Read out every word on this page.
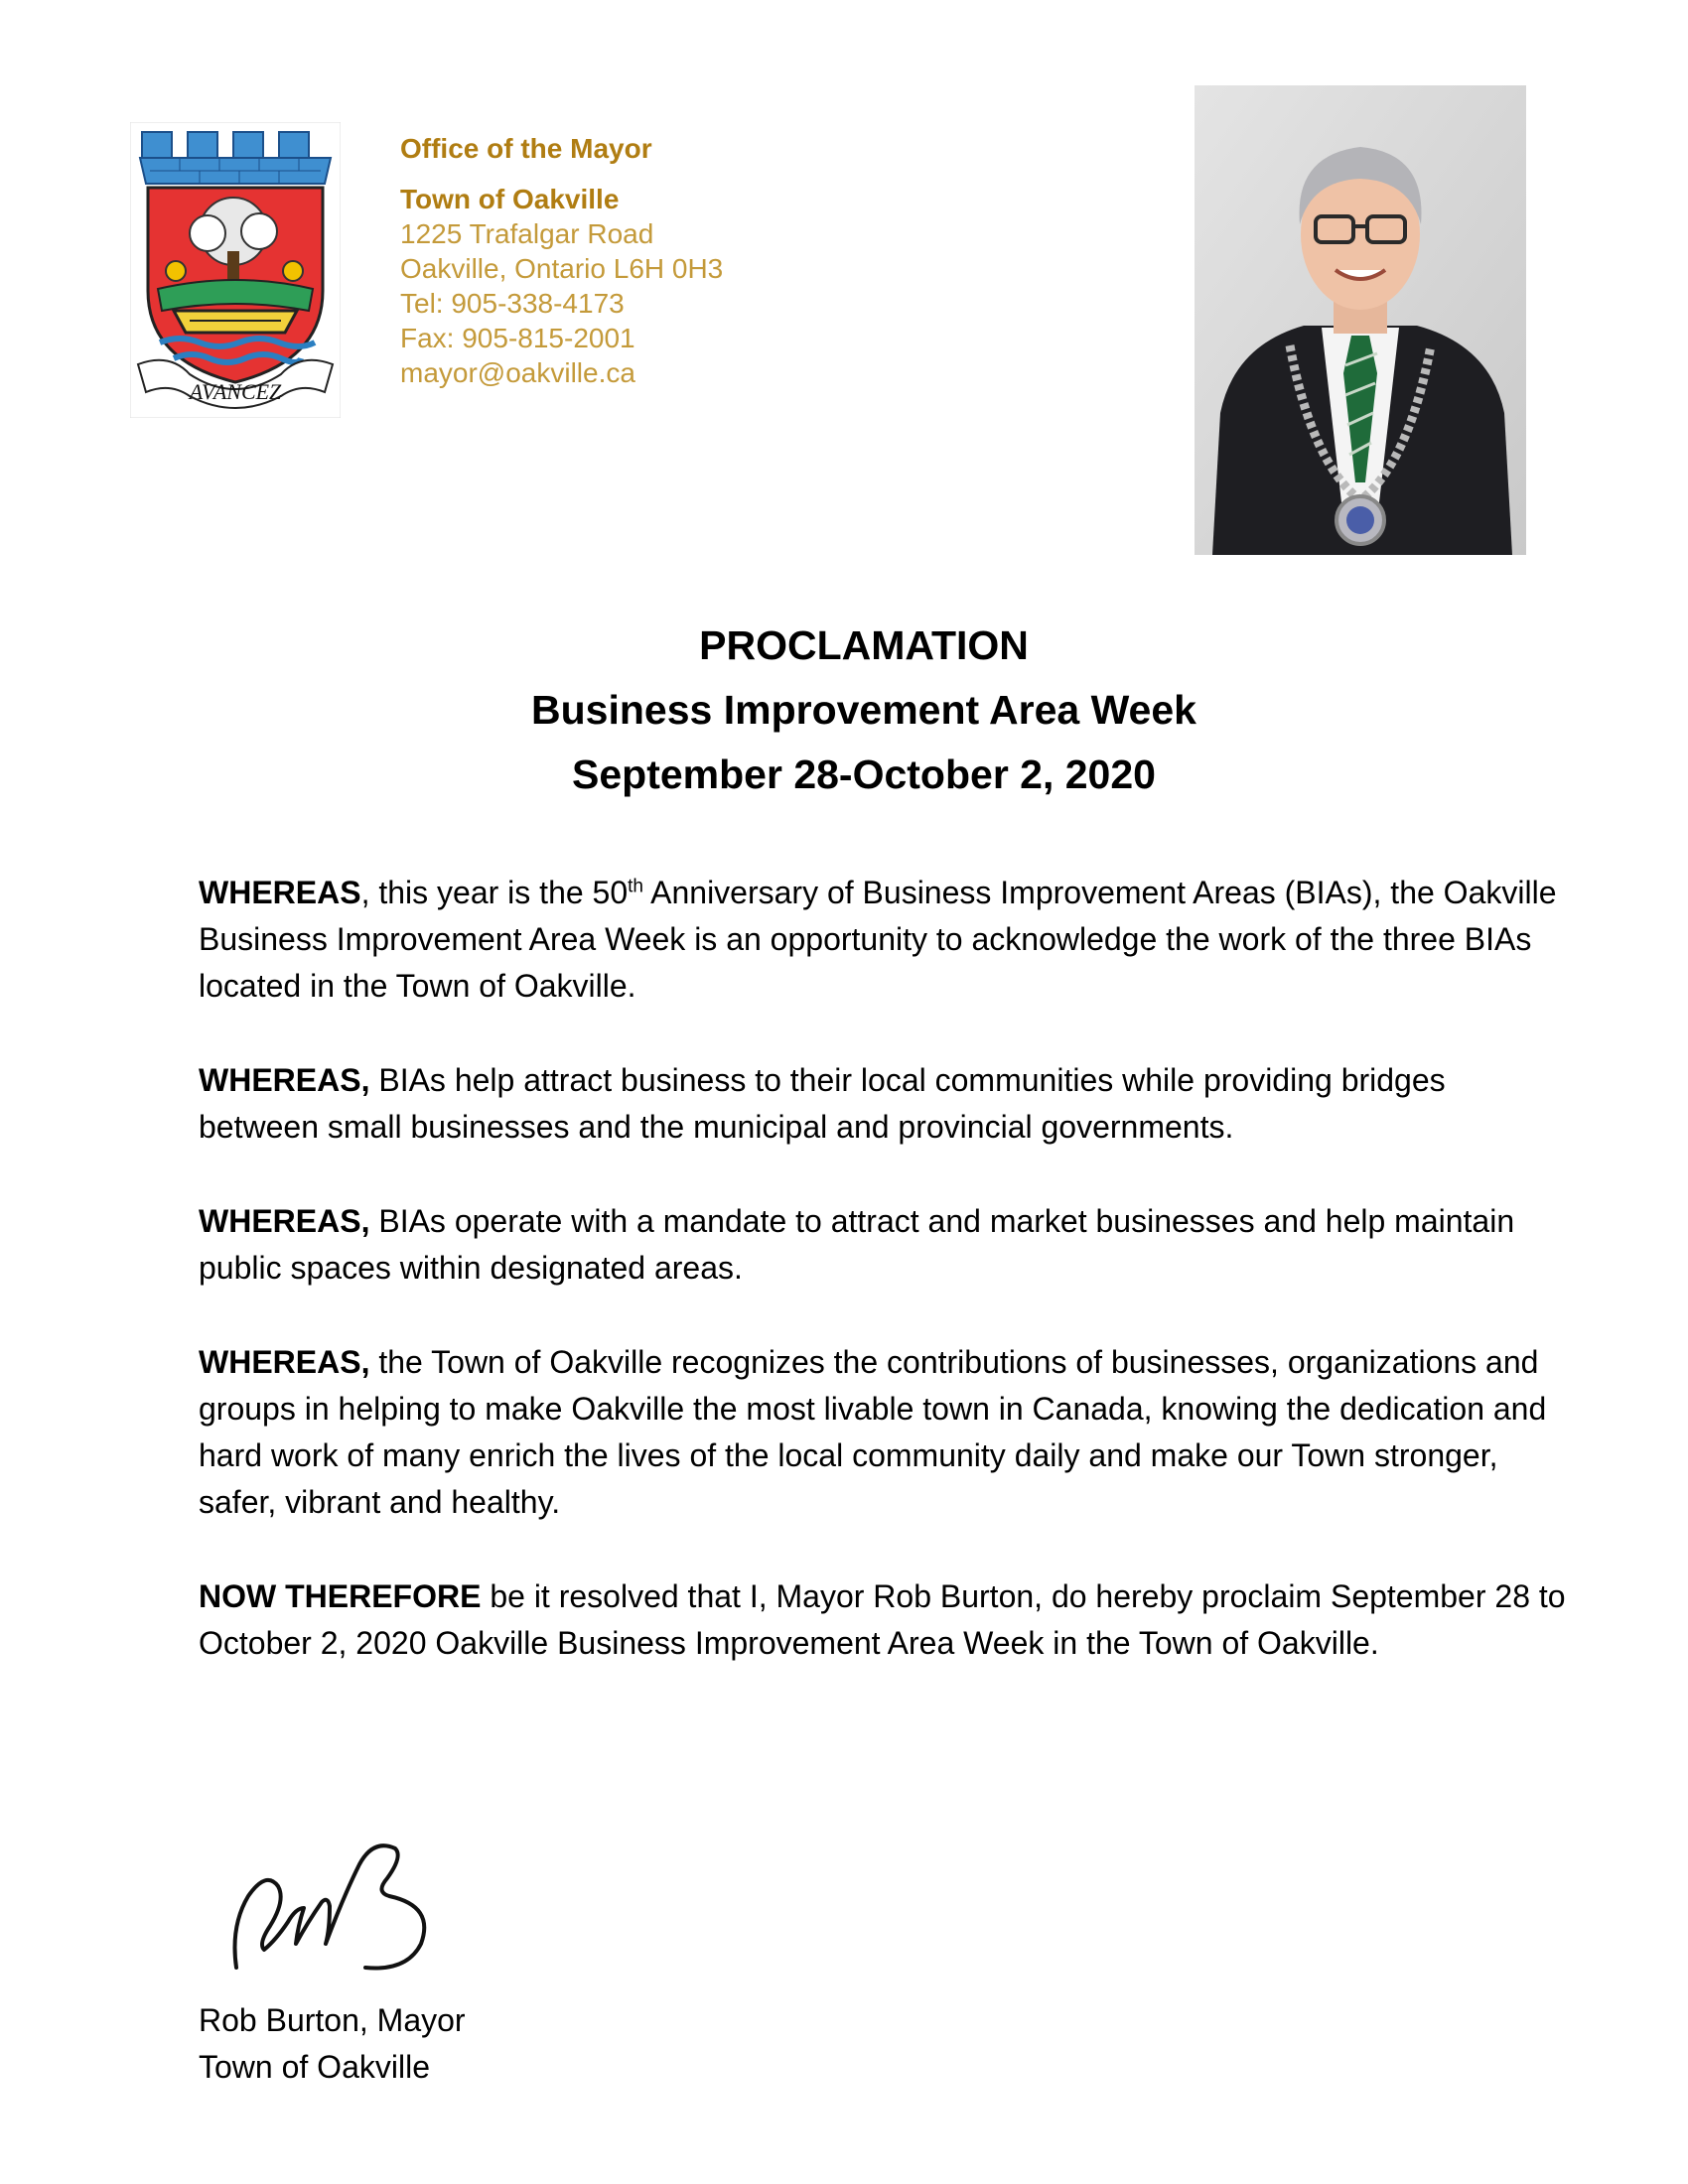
AVANCEZ
Office of the Mayor
Town of Oakville
1225 Trafalgar Road
Oakville, Ontario L6H 0H3
Tel: 905-338-4173
Fax: 905-815-2001
mayor@oakville.ca
PROCLAMATION
Business Improvement Area Week
September 28-October 2, 2020

WHEREAS, this year is the 50th Anniversary of Business Improvement Areas (BIAs), the Oakville Business Improvement Area Week is an opportunity to acknowledge the work of the three BIAs located in the Town of Oakville.

WHEREAS, BIAs help attract business to their local communities while providing bridges between small businesses and the municipal and provincial governments.

WHEREAS, BIAs operate with a mandate to attract and market businesses and help maintain public spaces within designated areas.

WHEREAS, the Town of Oakville recognizes the contributions of businesses, organizations and groups in helping to make Oakville the most livable town in Canada, knowing the dedication and hard work of many enrich the lives of the local community daily and make our Town stronger, safer, vibrant and healthy.

NOW THEREFORE be it resolved that I, Mayor Rob Burton, do hereby proclaim September 28 to October 2, 2020 Oakville Business Improvement Area Week in the Town of Oakville.

Rob Burton, Mayor
Town of Oakville
